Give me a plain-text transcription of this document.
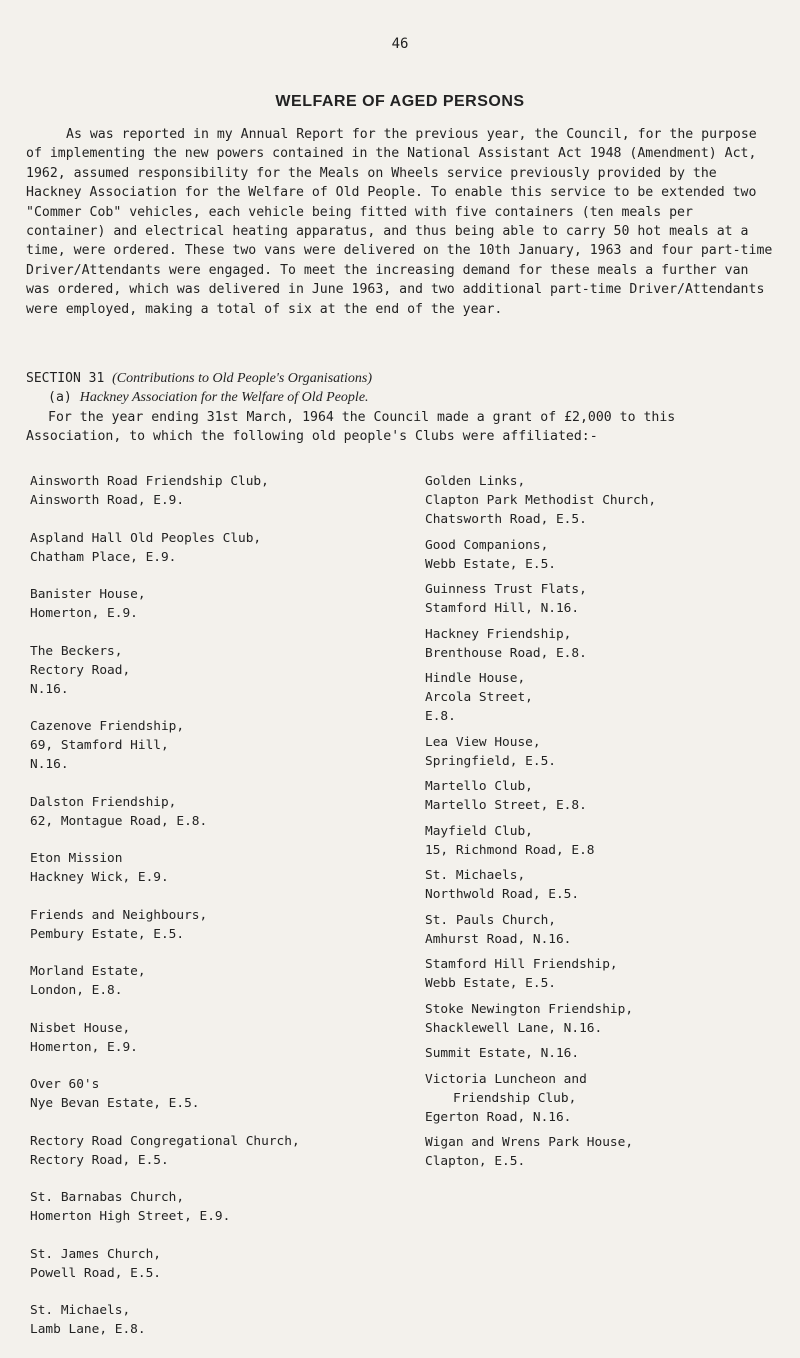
46
WELFARE OF AGED PERSONS

As was reported in my Annual Report for the previous year, the Council, for the purpose of implementing the new powers contained in the National Assistant Act 1948 (Amendment) Act, 1962, assumed responsibility for the Meals on Wheels service previously provided by the Hackney Association for the Welfare of Old People. To enable this service to be extended two "Commer Cob" vehicles, each vehicle being fitted with five containers (ten meals per container) and electrical heating apparatus, and thus being able to carry 50 hot meals at a time, were ordered. These two vans were delivered on the 10th January, 1963 and four part-time Driver/Attendants were engaged. To meet the increasing demand for these meals a further van was ordered, which was delivered in June 1963, and two additional part-time Driver/Attendants were employed, making a total of six at the end of the year.

SECTION 31 (Contributions to Old People's Organisations)
(a) Hackney Association for the Welfare of Old People.
For the year ending 31st March, 1964 the Council made a grant of £2,000 to this Association, to which the following old people's Clubs were affiliated:-
Ainsworth Road Friendship Club,
Ainsworth Road, E.9.
Aspland Hall Old Peoples Club,
Chatham Place, E.9.
Banister House,
Homerton, E.9.
The Beckers,
Rectory Road,
N.16.
Cazenove Friendship,
69, Stamford Hill,
N.16.
Dalston Friendship,
62, Montague Road, E.8.
Eton Mission
Hackney Wick, E.9.
Friends and Neighbours,
Pembury Estate, E.5.
Morland Estate,
London, E.8.
Nisbet House,
Homerton, E.9.
Over 60's
Nye Bevan Estate, E.5.
Rectory Road Congregational Church,
Rectory Road, E.5.
St. Barnabas Church,
Homerton High Street, E.9.
St. James Church,
Powell Road, E.5.
St. Michaels,
Lamb Lane, E.8.
Golden Links,
Clapton Park Methodist Church,
Chatsworth Road, E.5.
Good Companions,
Webb Estate, E.5.
Guinness Trust Flats,
Stamford Hill, N.16.
Hackney Friendship,
Brenthouse Road, E.8.
Hindle House,
Arcola Street,
E.8.
Lea View House,
Springfield, E.5.
Martello Club,
Martello Street, E.8.
Mayfield Club,
15, Richmond Road, E.8
St. Michaels,
Northwold Road, E.5.
St. Pauls Church,
Amhurst Road, N.16.
Stamford Hill Friendship,
Webb Estate, E.5.
Stoke Newington Friendship,
Shacklewell Lane, N.16.
Summit Estate, N.16.
Victoria Luncheon and
Friendship Club,
Egerton Road, N.16.
Wigan and Wrens Park House,
Clapton, E.5.
